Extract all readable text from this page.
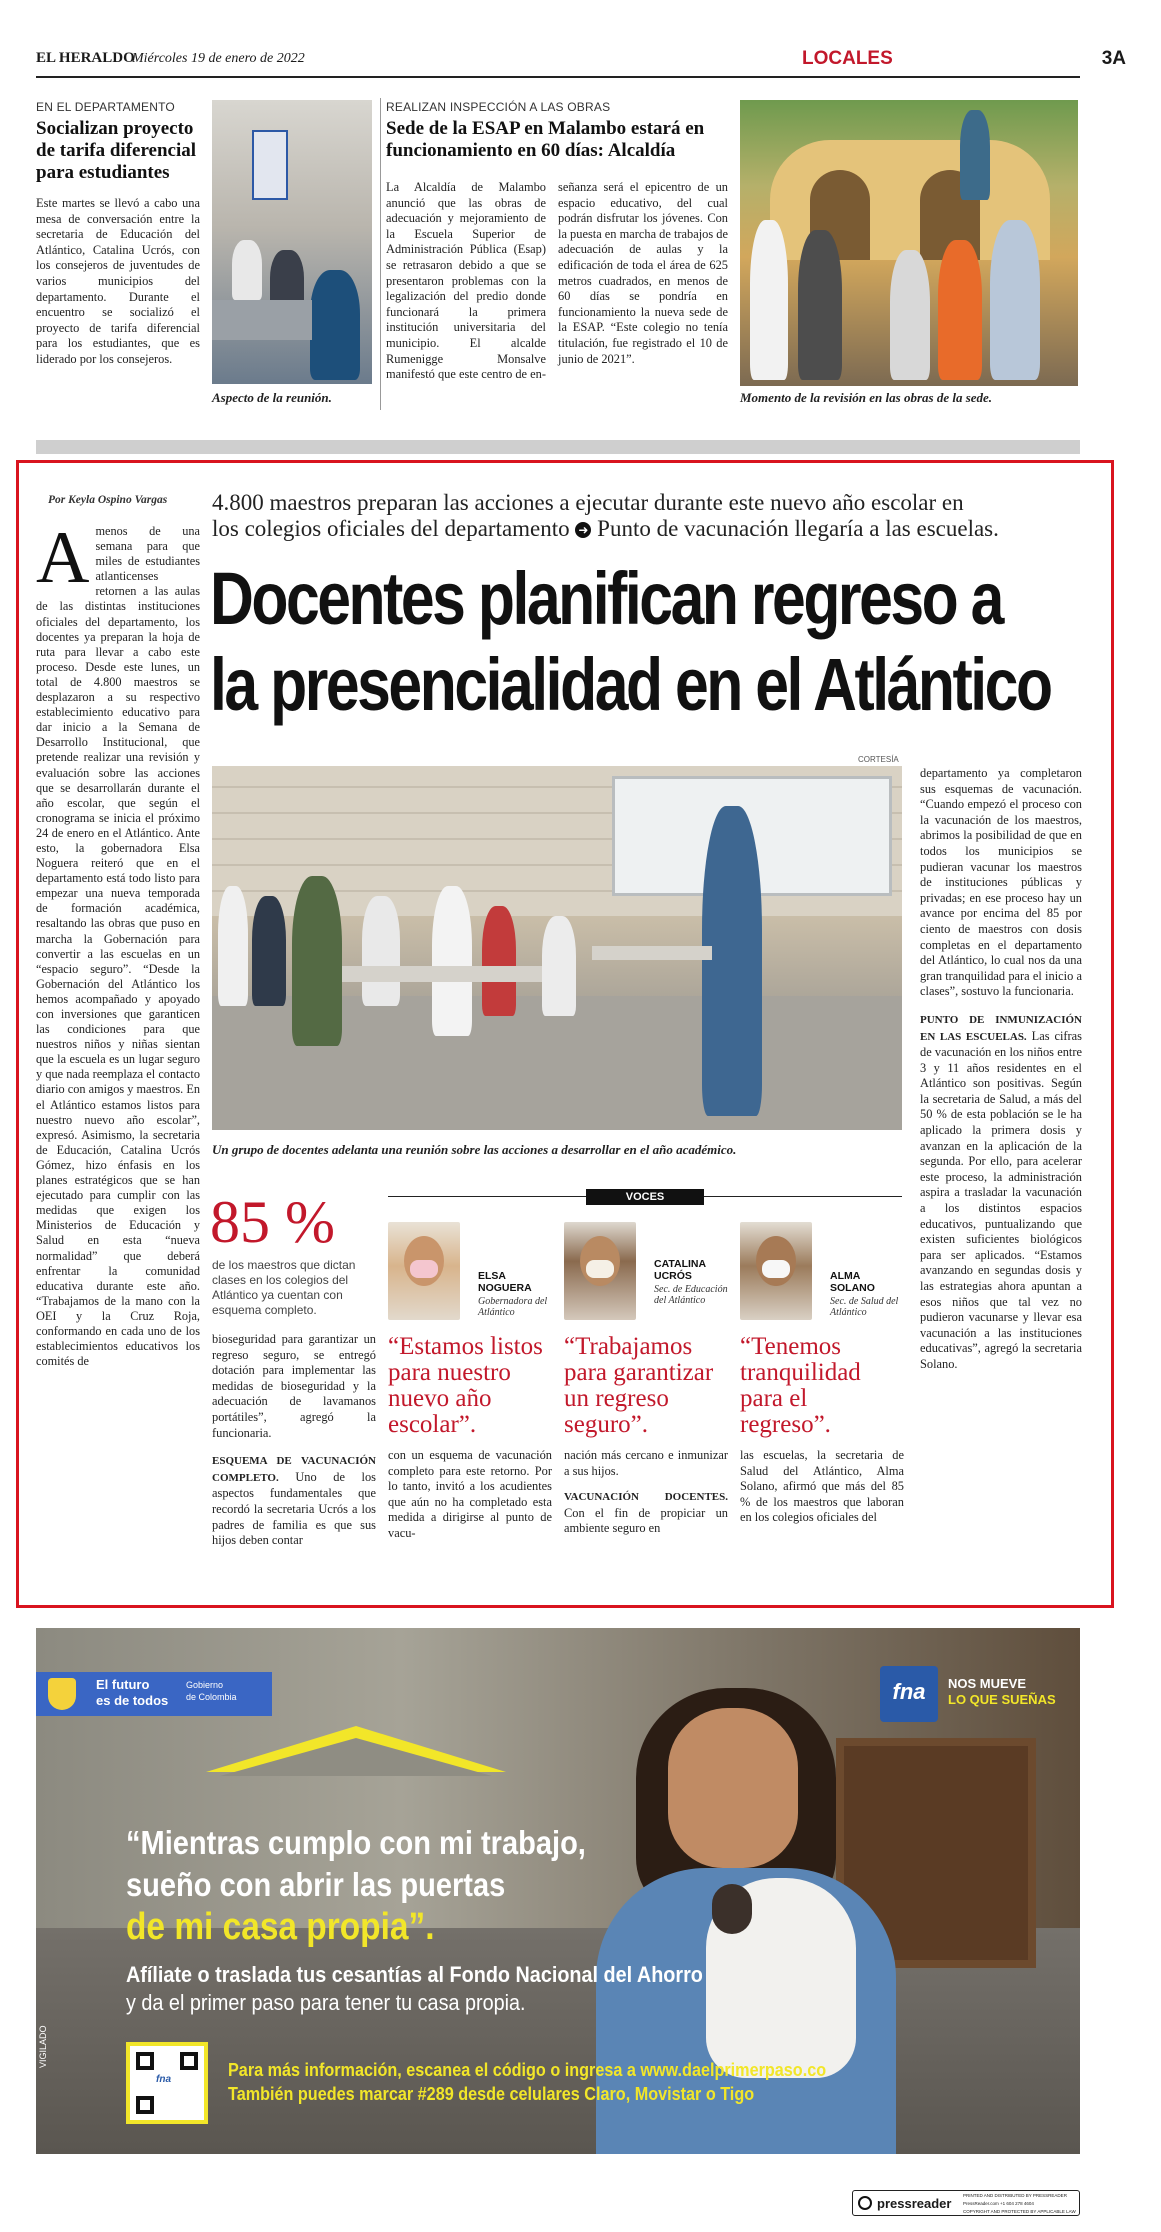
EL HERALDO
Miércoles 19 de enero de 2022	LOCALES	3A
EN EL DEPARTAMENTO
Socializan proyecto de tarifa diferencial para estudiantes
Este martes se llevó a cabo una mesa de conversación entre la secretaria de Educación del Atlántico, Catalina Ucrós, con los consejeros de juventudes de varios municipios del departamento. Durante el encuentro se socializó el proyecto de tarifa diferencial para los estudiantes, que es liderado por los consejeros.
Aspecto de la reunión.
REALIZAN INSPECCIÓN A LAS OBRAS
Sede de la ESAP en Malambo estará en funcionamiento en 60 días: Alcaldía
La Alcaldía de Malambo anunció que las obras de adecuación y mejoramiento de la Escuela Superior de Administración Pública (Esap) se retrasaron debido a que se presentaron problemas con la legalización del predio donde funcionará la primera institución universitaria del municipio. El alcalde Rumenigge Monsalve manifestó que este centro de en-
señanza será el epicentro de un espacio educativo, del cual podrán disfrutar los jóvenes. Con la puesta en marcha de trabajos de adecuación de aulas y la edificación de toda el área de 625 metros cuadrados, en menos de 60 días se pondría en funcionamiento la nueva sede de la ESAP. “Este colegio no tenía titulación, fue registrado el 10 de junio de 2021”.
Momento de la revisión en las obras de la sede.
Por Keyla Ospino Vargas 4.800 maestros preparan las acciones a ejecutar durante este nuevo año escolar en
los colegios oficiales del departamento ➜ Punto de vacunación llegaría a las escuelas.
Docentes planifican regreso a
la presencialidad en el Atlántico
A menos de una semana para que miles de estudiantes atlanticenses retornen a las aulas de las distintas instituciones oficiales del departamento, los docentes ya preparan la hoja de ruta para llevar a cabo este proceso. Desde este lunes, un total de 4.800 maestros se desplazaron a su respectivo establecimiento educativo para dar inicio a la Semana de Desarrollo Institucional, que pretende realizar una revisión y evaluación sobre las acciones que se desarrollarán durante el año escolar, que según el cronograma se inicia el próximo 24 de enero en el Atlántico. Ante esto, la gobernadora Elsa Noguera reiteró que en el departamento está todo listo para empezar una nueva temporada de formación académica, resaltando las obras que puso en marcha la Gobernación para convertir a las escuelas en un “espacio seguro”. “Desde la Gobernación del Atlántico los hemos acompañado y apoyado con inversiones que garanticen las condiciones para que nuestros niños y niñas sientan que la escuela es un lugar seguro y que nada reemplaza el contacto diario con amigos y maestros. En el Atlántico estamos listos para nuestro nuevo año escolar”, expresó. Asimismo, la secretaria de Educación, Catalina Ucrós Gómez, hizo énfasis en los planes estratégicos que se han ejecutado para cumplir con las medidas que exigen los Ministerios de Educación y Salud en esta “nueva normalidad” que deberá enfrentar la comunidad educativa durante este año. “Trabajamos de la mano con la OEI y la Cruz Roja, conformando en cada uno de los establecimientos educativos los comités de
CORTESÍA
Un grupo de docentes adelanta una reunión sobre las acciones a desarrollar en el año académico.
departamento ya completaron sus esquemas de vacunación. “Cuando empezó el proceso con la vacunación de los maestros, abrimos la posibilidad de que en todos los municipios se pudieran vacunar los maestros de instituciones públicas y privadas; en ese proceso hay un avance por encima del 85 por ciento de maestros con dosis completas en el departamento del Atlántico, lo cual nos da una gran tranquilidad para el inicio a clases”, sostuvo la funcionaria.
PUNTO DE INMUNIZACIÓN EN LAS ESCUELAS. Las cifras de vacunación en los niños entre 3 y 11 años residentes en el Atlántico son positivas. Según la secretaria de Salud, a más del 50 % de esta población se le ha aplicado la primera dosis y avanzan en la aplicación de la segunda. Por ello, para acelerar este proceso, la administración aspira a trasladar la vacunación a los distintos espacios educativos, puntualizando que existen suficientes biológicos para ser aplicados. “Estamos avanzando en segundas dosis y las estrategias ahora apuntan a esos niños que tal vez no pudieron vacunarse y llevar esa vacunación a las instituciones educativas”, agregó la secretaria Solano.
85 %
de los maestros que dictan clases en los colegios del Atlántico ya cuentan con esquema completo.
VOCES
ELSA NOGUERA
Gobernadora del Atlántico
“Estamos listos para nuestro nuevo año escolar”.
CATALINA UCRÓS
Sec. de Educación del Atlántico
“Trabajamos para garantizar un regreso seguro”.
ALMA SOLANO
Sec. de Salud del Atlántico
“Tenemos tranquilidad para el regreso”.
bioseguridad para garantizar un regreso seguro, se entregó dotación para implementar las medidas de bioseguridad y la adecuación de lavamanos portátiles”, agregó la funcionaria.
ESQUEMA DE VACUNACIÓN COMPLETO. Uno de los aspectos fundamentales que recordó la secretaria Ucrós a los padres de familia es que sus hijos deben contar
con un esquema de vacunación completo para este retorno. Por lo tanto, invitó a los acudientes que aún no ha completado esta medida a dirigirse al punto de vacu-
nación más cercano e inmunizar a sus hijos.
VACUNACIÓN DOCENTES. Con el fin de propiciar un ambiente seguro en
las escuelas, la secretaria de Salud del Atlántico, Alma Solano, afirmó que más del 85 % de los maestros que laboran en los colegios oficiales del
El futuro
es de todos
Gobierno
de Colombia	fna	NOS MUEVE
LO QUE SUEÑAS
VIGILADO
“Mientras cumplo con mi trabajo,
sueño con abrir las puertas
de mi casa propia”.
Afíliate o traslada tus cesantías al Fondo Nacional del Ahorro
y da el primer paso para tener tu casa propia.
fna	Para más información, escanea el código o ingresa a www.daelprimerpaso.co
También puedes marcar #289 desde celulares Claro, Movistar o Tigo
pressreader
PRINTED AND DISTRIBUTED BY PRESSREADER
PressReader.com +1 604 278 4604
COPYRIGHT AND PROTECTED BY APPLICABLE LAW
